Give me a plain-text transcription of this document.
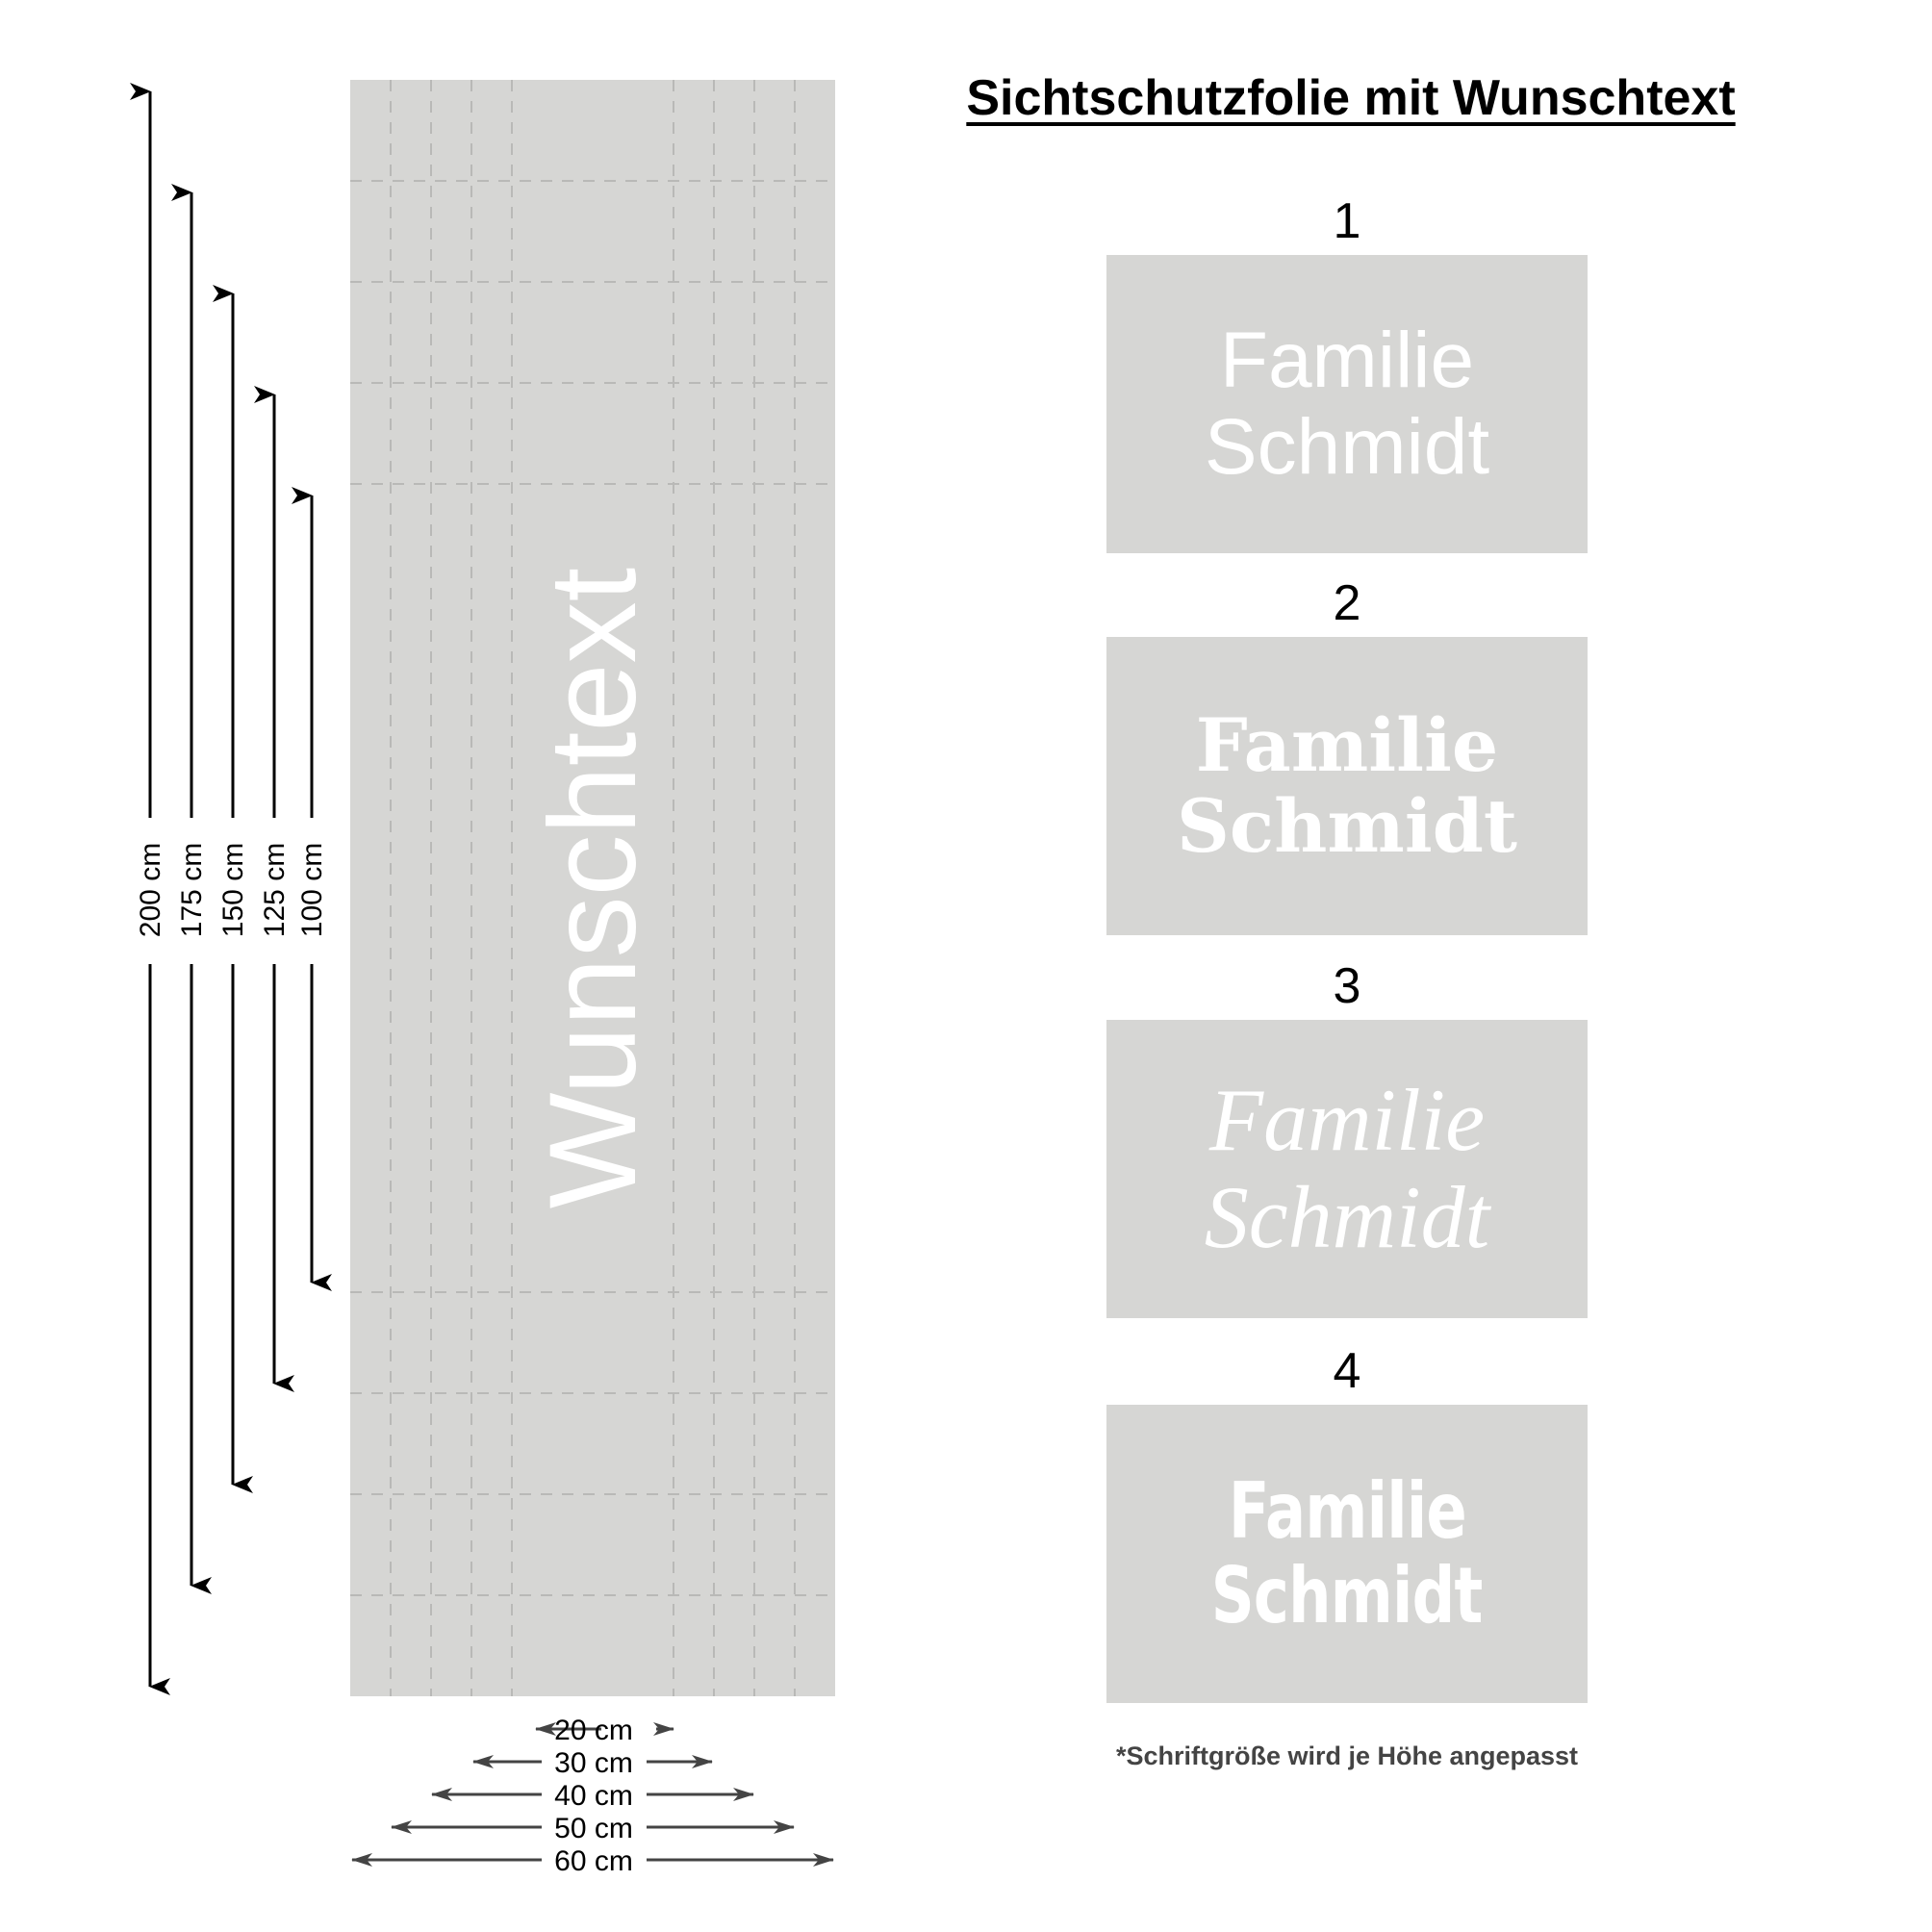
Wunschtext
200 cm 175 cm 150 cm 125 cm 100 cm
20 cm
30 cm
40 cm
50 cm
60 cm
Sichtschutzfolie mit Wunschtext
1
Familie
Schmidt
2
Familie
Schmidt
3
Familie
Schmidt
4
Familie
Schmidt
*Schriftgröße wird je Höhe angepasst
